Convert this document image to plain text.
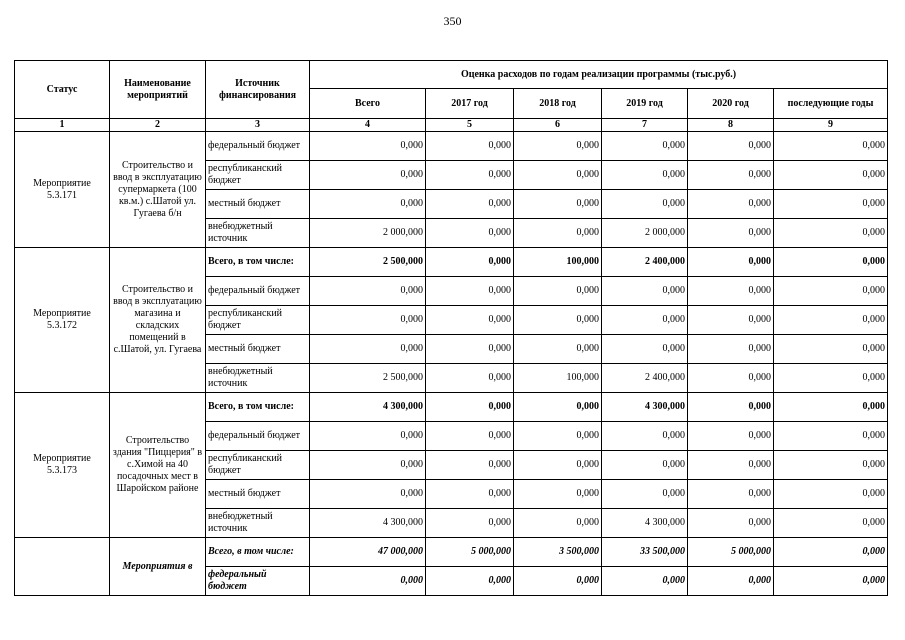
350
Статус	Наименование мероприятий	Источник финансирования	Оценка расходов по годам реализации программы (тыс.руб.)					
			Всего	2017 год	2018 год	2019 год	2020 год	последующие годы
1	2	3	4	5	6	7	8	9
Мероприятие 5.3.171	Строительство и ввод в эксплуатацию супермаркета (100 кв.м.) с.Шатой ул. Гугаева б/н	федеральный бюджет	0,000	0,000	0,000	0,000	0,000	0,000
		республиканский бюджет	0,000	0,000	0,000	0,000	0,000	0,000
		местный бюджет	0,000	0,000	0,000	0,000	0,000	0,000
		внебюджетный источник	2 000,000	0,000	0,000	2 000,000	0,000	0,000
Мероприятие 5.3.172	Строительство и ввод в эксплуатацию магазина и складских помещений в с.Шатой, ул. Гугаева	Всего, в том числе:	2 500,000	0,000	100,000	2 400,000	0,000	0,000
		федеральный бюджет	0,000	0,000	0,000	0,000	0,000	0,000
		республиканский бюджет	0,000	0,000	0,000	0,000	0,000	0,000
		местный бюджет	0,000	0,000	0,000	0,000	0,000	0,000
		внебюджетный источник	2 500,000	0,000	100,000	2 400,000	0,000	0,000
Мероприятие 5.3.173	Строительство здания "Пиццерия" в с.Химой на 40 посадочных мест в Шаройском районе	Всего, в том числе:	4 300,000	0,000	0,000	4 300,000	0,000	0,000
		федеральный бюджет	0,000	0,000	0,000	0,000	0,000	0,000
		республиканский бюджет	0,000	0,000	0,000	0,000	0,000	0,000
		местный бюджет	0,000	0,000	0,000	0,000	0,000	0,000
		внебюджетный источник	4 300,000	0,000	0,000	4 300,000	0,000	0,000
	Мероприятия в	Всего, в том числе:	47 000,000	5 000,000	3 500,000	33 500,000	5 000,000	0,000
		федеральный бюджет	0,000	0,000	0,000	0,000	0,000	0,000
